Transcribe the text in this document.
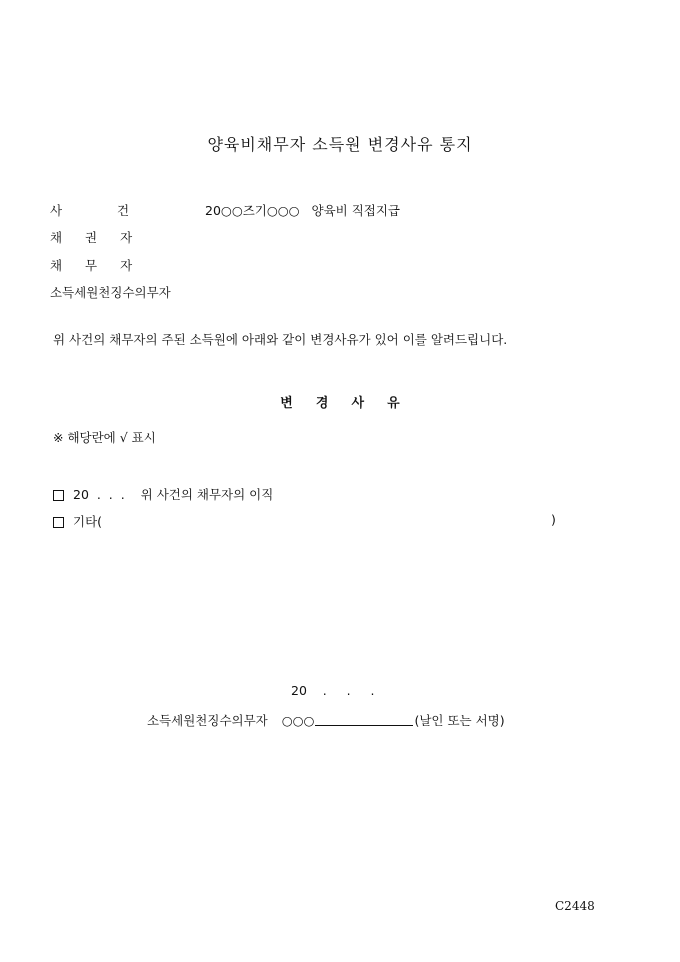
양육비채무자 소득원 변경사유 통지
사	건	20○○즈기○○○   양육비 직접지급
채 권 자
채 무 자
소득세원천징수의무자
위 사건의 채무자의 주된 소득원에 아래와 같이 변경사유가 있어 이를 알려드립니다.
변 경 사 유
※ 해당란에 √ 표시
20  .  .  . 위 사건의 채무자의 이직
기타(	)
20    .     .     .
소득세원천징수의무자 ○○○	(날인 또는 서명)
C2448
